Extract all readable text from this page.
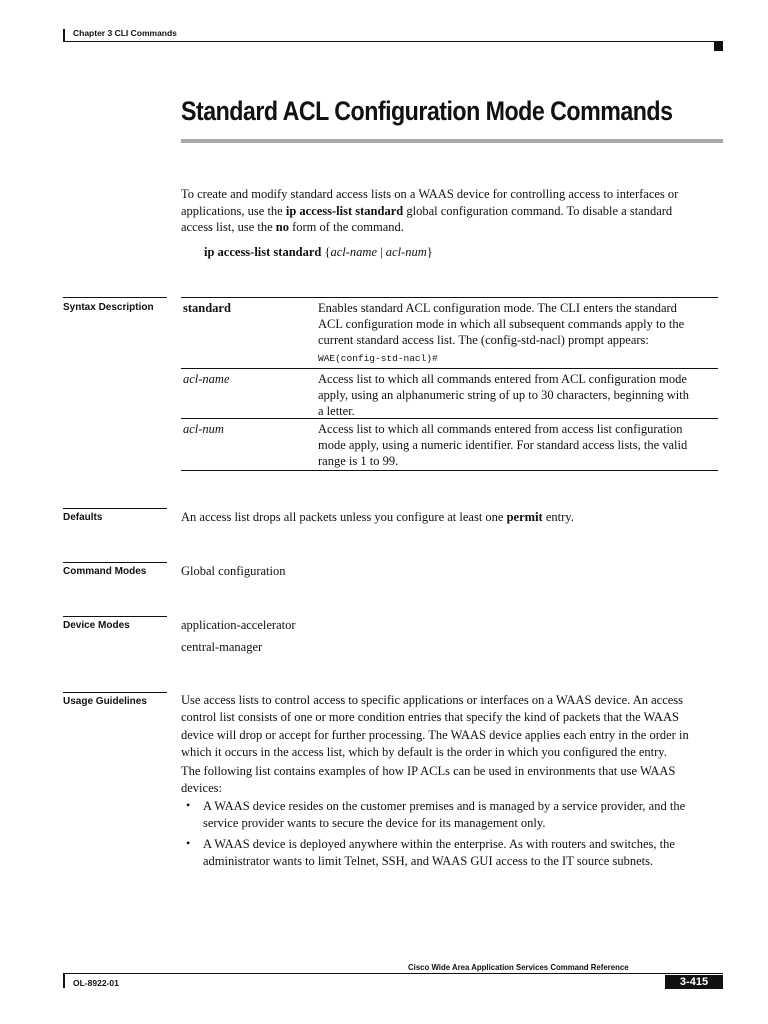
Chapter 3 CLI Commands
Standard ACL Configuration Mode Commands
To create and modify standard access lists on a WAAS device for controlling access to interfaces or
applications, use the ip access-list standard global configuration command. To disable a standard
access list, use the no form of the command.
ip access-list standard {acl-name | acl-num}
Syntax Description standard	Enables standard ACL configuration mode. The CLI enters the standard
ACL configuration mode in which all subsequent commands apply to the
current standard access list. The (config-std-nacl) prompt appears:
WAE(config-std-nacl)#
acl-name	Access list to which all commands entered from ACL configuration mode
apply, using an alphanumeric string of up to 30 characters, beginning with
a letter.
acl-num	Access list to which all commands entered from access list configuration
mode apply, using a numeric identifier. For standard access lists, the valid
range is 1 to 99.
Defaults	An access list drops all packets unless you configure at least one permit entry.
Command Modes	Global configuration
Device Modes	application-accelerator
central-manager
Usage Guidelines	Use access lists to control access to specific applications or interfaces on a WAAS device. An access
control list consists of one or more condition entries that specify the kind of packets that the WAAS
device will drop or accept for further processing. The WAAS device applies each entry in the order in
which it occurs in the access list, which by default is the order in which you configured the entry.
The following list contains examples of how IP ACLs can be used in environments that use WAAS
devices:
• A WAAS device resides on the customer premises and is managed by a service provider, and the
service provider wants to secure the device for its management only.
• A WAAS device is deployed anywhere within the enterprise. As with routers and switches, the
administrator wants to limit Telnet, SSH, and WAAS GUI access to the IT source subnets.
Cisco Wide Area Application Services Command Reference
OL-8922-01	3-415
